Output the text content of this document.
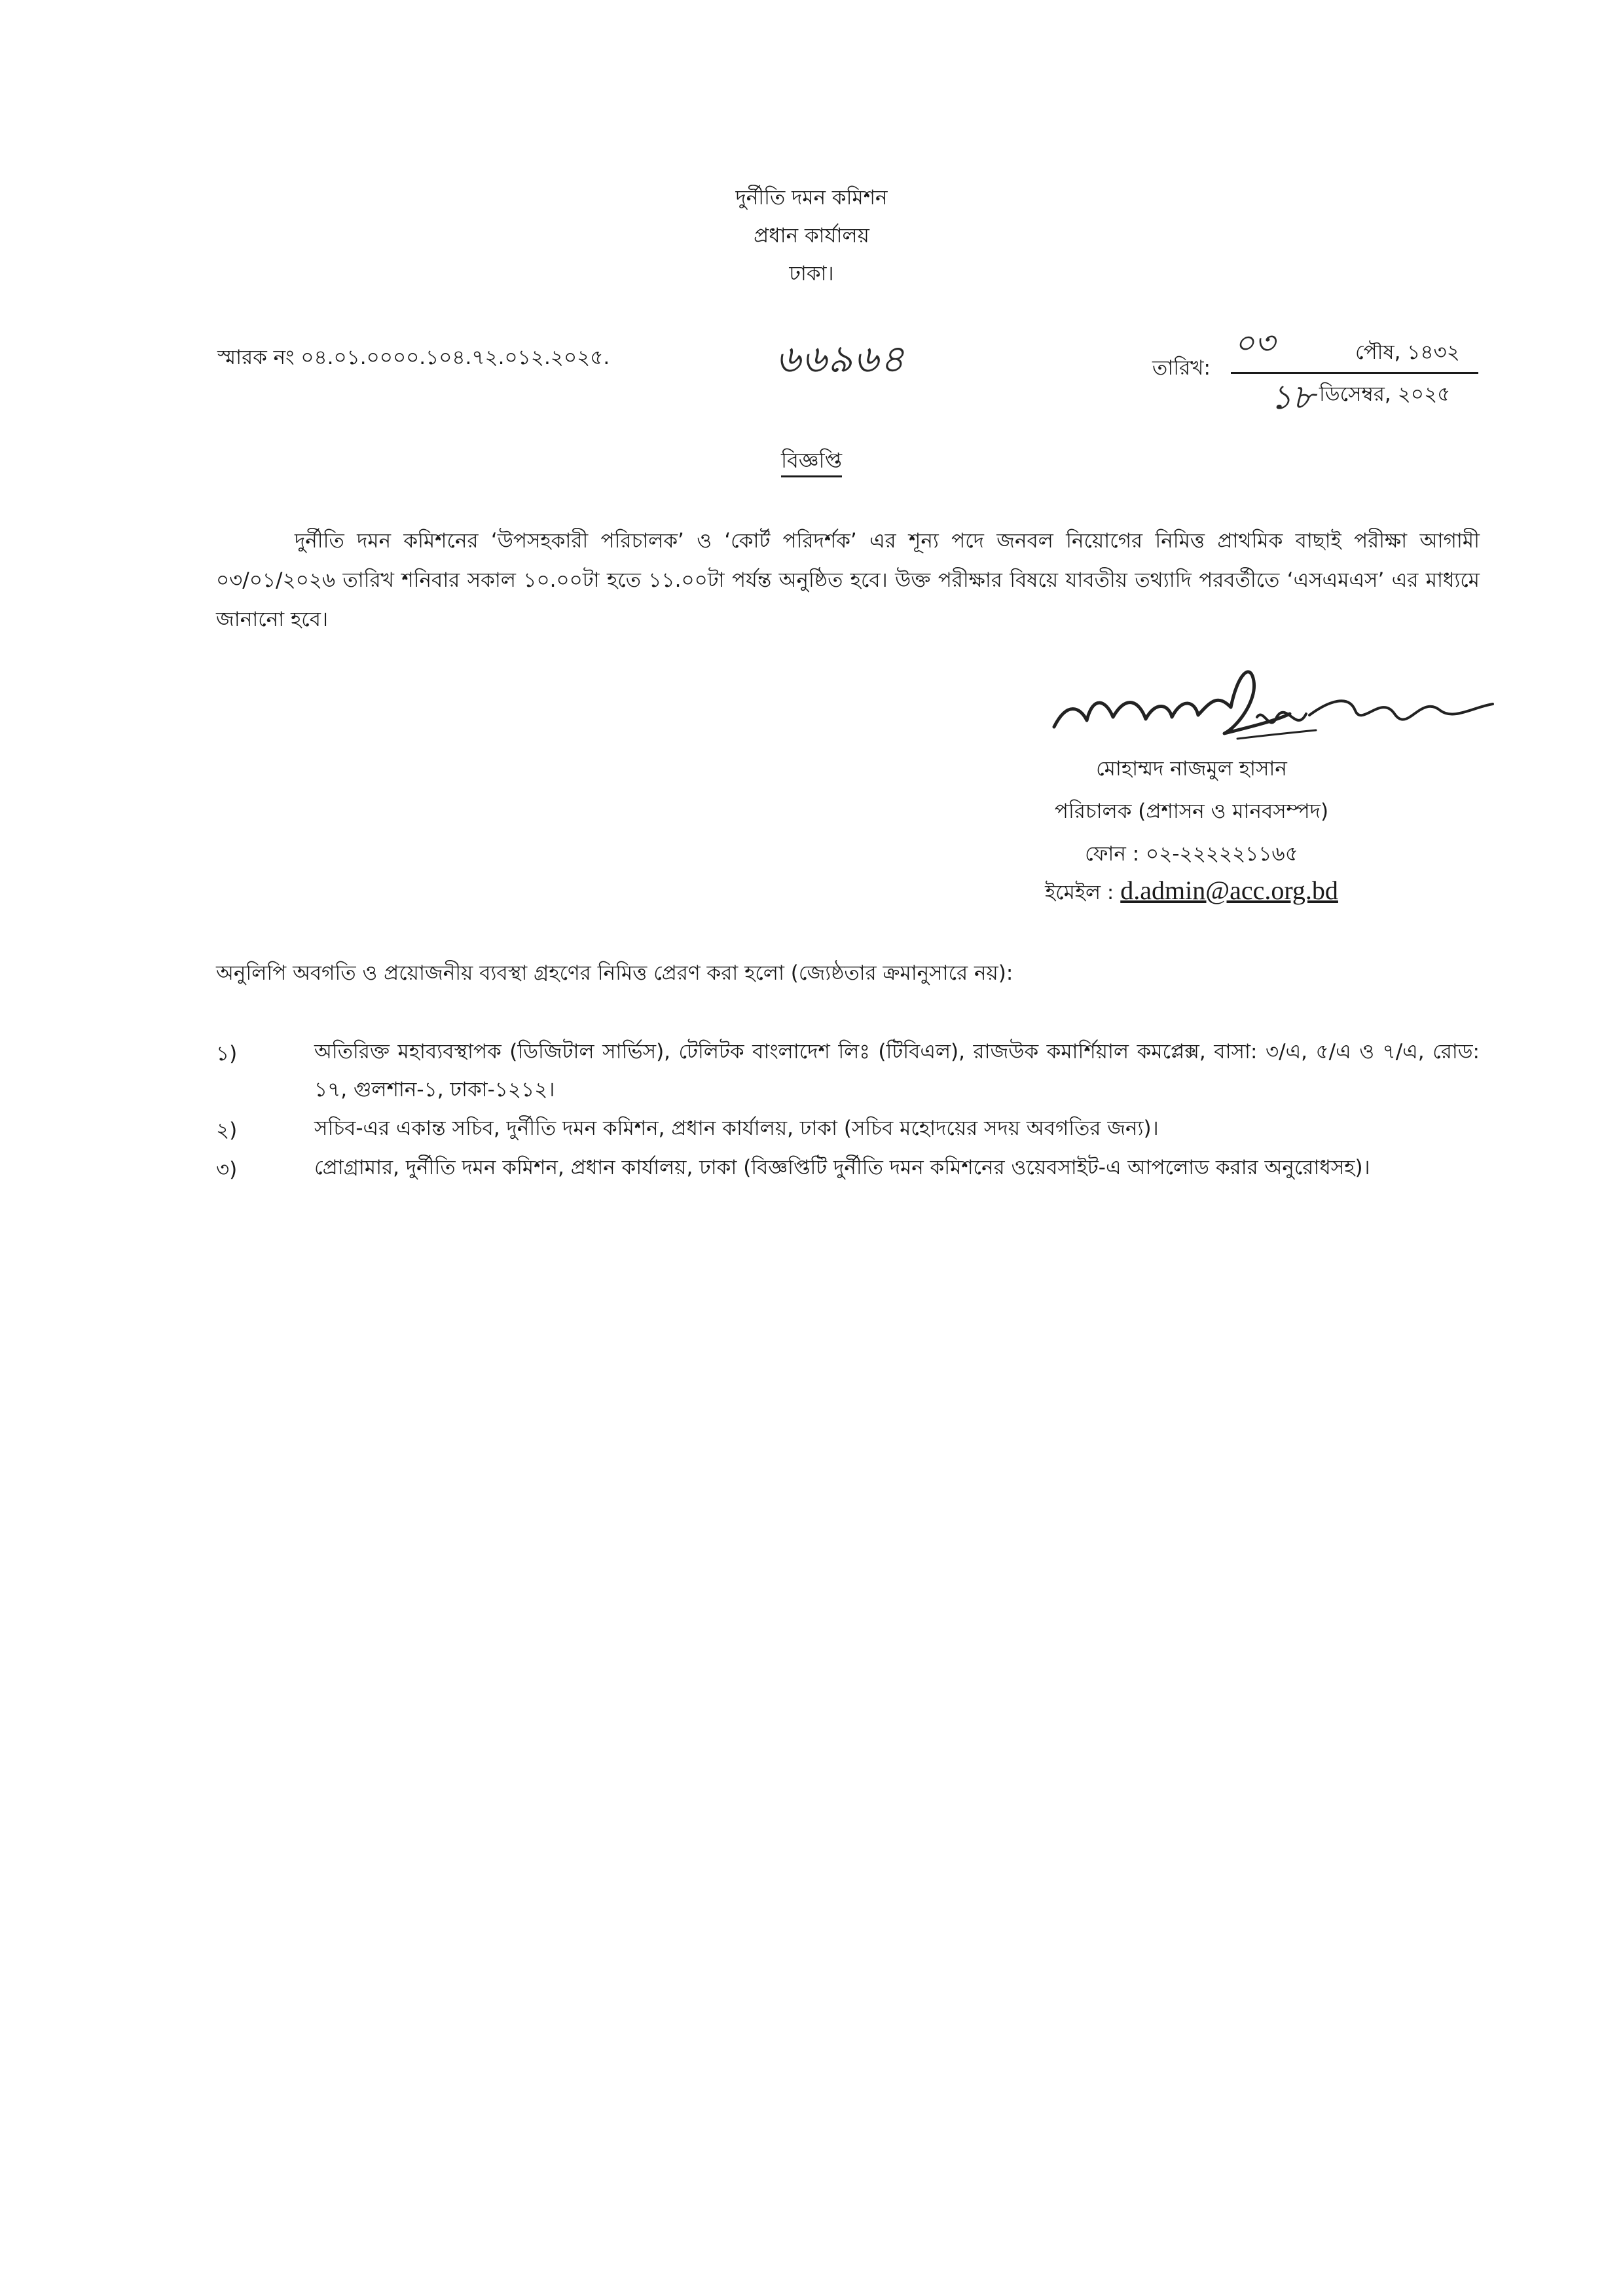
দুর্নীতি দমন কমিশন
প্রধান কার্যালয়
ঢাকা।
স্মারক নং ০৪.০১.০০০০.১০৪.৭২.০১২.২০২৫.	৬৬৯৬৪	তারিখ:
০৩	পৌষ, ১৪৩২
১৮ ডিসেম্বর, ২০২৫
বিজ্ঞপ্তি
দুর্নীতি দমন কমিশনের ‘উপসহকারী পরিচালক’ ও ‘কোর্ট পরিদর্শক’ এর শূন্য পদে জনবল নিয়োগের নিমিত্ত প্রাথমিক বাছাই পরীক্ষা আগামী ০৩/০১/২০২৬ তারিখ শনিবার সকাল ১০.০০টা হতে ১১.০০টা পর্যন্ত অনুষ্ঠিত হবে। উক্ত পরীক্ষার বিষয়ে যাবতীয় তথ্যাদি পরবর্তীতে ‘এসএমএস’ এর মাধ্যমে জানানো হবে।
মোহাম্মদ নাজমুল হাসান
পরিচালক (প্রশাসন ও মানবসম্পদ)
ফোন : ০২-২২২২২১১৬৫
ইমেইল : d.admin@acc.org.bd
অনুলিপি অবগতি ও প্রয়োজনীয় ব্যবস্থা গ্রহণের নিমিত্ত প্রেরণ করা হলো (জ্যেষ্ঠতার ক্রমানুসারে নয়):
১)	অতিরিক্ত মহাব্যবস্থাপক (ডিজিটাল সার্ভিস), টেলিটক বাংলাদেশ লিঃ (টিবিএল), রাজউক কমার্শিয়াল কমপ্লেক্স, বাসা: ৩/এ, ৫/এ ও ৭/এ, রোড: ১৭, গুলশান-১, ঢাকা-১২১২।
২)	সচিব-এর একান্ত সচিব, দুর্নীতি দমন কমিশন, প্রধান কার্যালয়, ঢাকা (সচিব মহোদয়ের সদয় অবগতির জন্য)।
৩)	প্রোগ্রামার, দুর্নীতি দমন কমিশন, প্রধান কার্যালয়, ঢাকা (বিজ্ঞপ্তিটি দুর্নীতি দমন কমিশনের ওয়েবসাইট-এ আপলোড করার অনুরোধসহ)।
